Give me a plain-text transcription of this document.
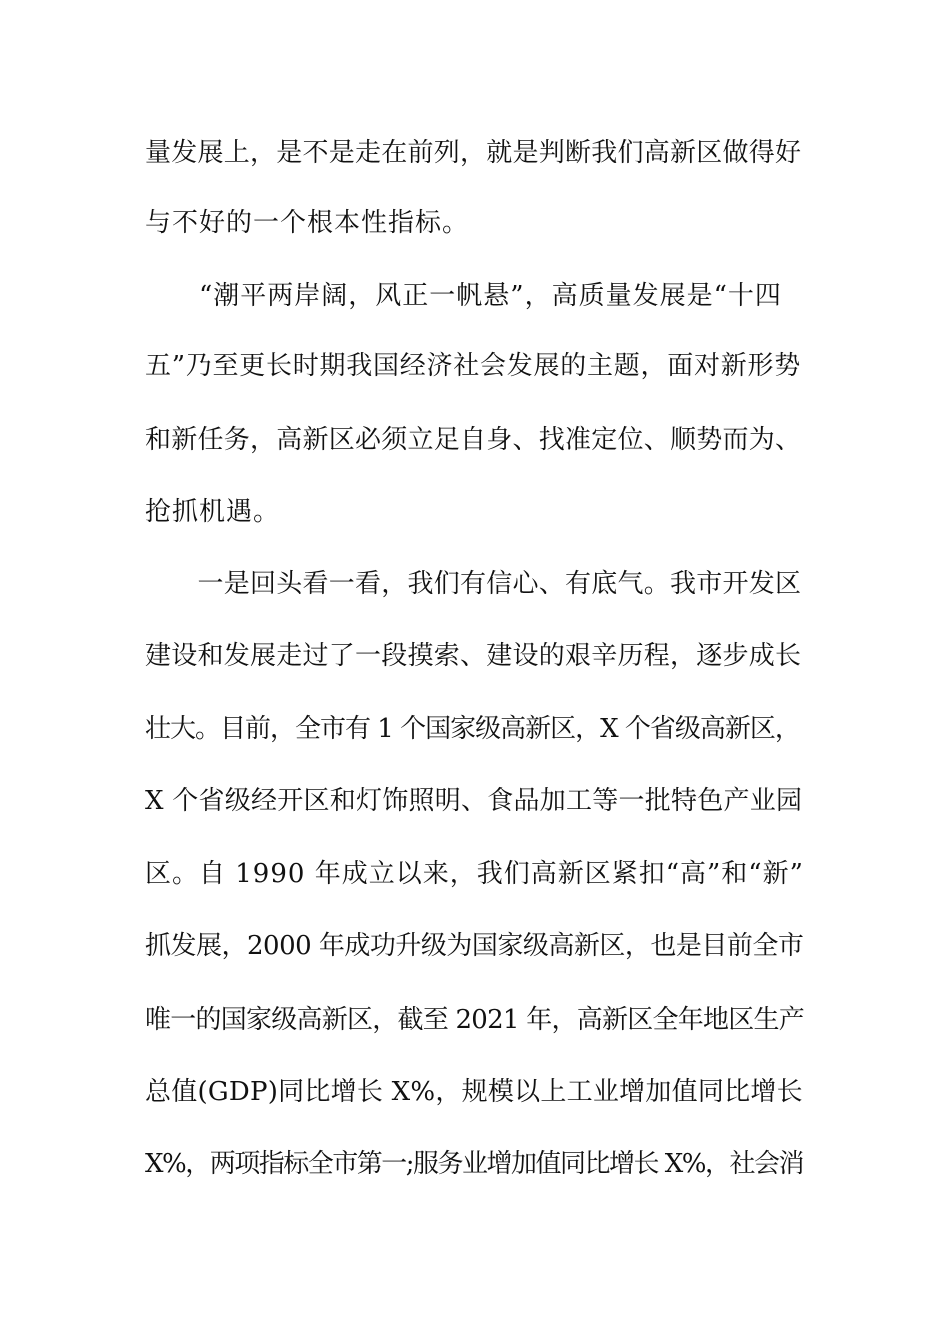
量发展上，是不是走在前列，就是判断我们高新区做得好
与不好的一个根本性指标。
　　“潮平两岸阔，风正一帆悬”，高质量发展是“十四
五”乃至更长时期我国经济社会发展的主题，面对新形势
和新任务，高新区必须立足自身、找准定位、顺势而为、
抢抓机遇。
　　一是回头看一看，我们有信心、有底气。我市开发区
建设和发展走过了一段摸索、建设的艰辛历程，逐步成长
壮大。目前，全市有 1 个国家级高新区，X 个省级高新区，
X 个省级经开区和灯饰照明、食品加工等一批特色产业园
区。自 1990 年成立以来，我们高新区紧扣“高”和“新”
抓发展，2000 年成功升级为国家级高新区，也是目前全市
唯一的国家级高新区，截至 2021 年，高新区全年地区生产
总值(GDP)同比增长 X%，规模以上工业增加值同比增长
X%，两项指标全市第一;服务业增加值同比增长 X%，社会消
